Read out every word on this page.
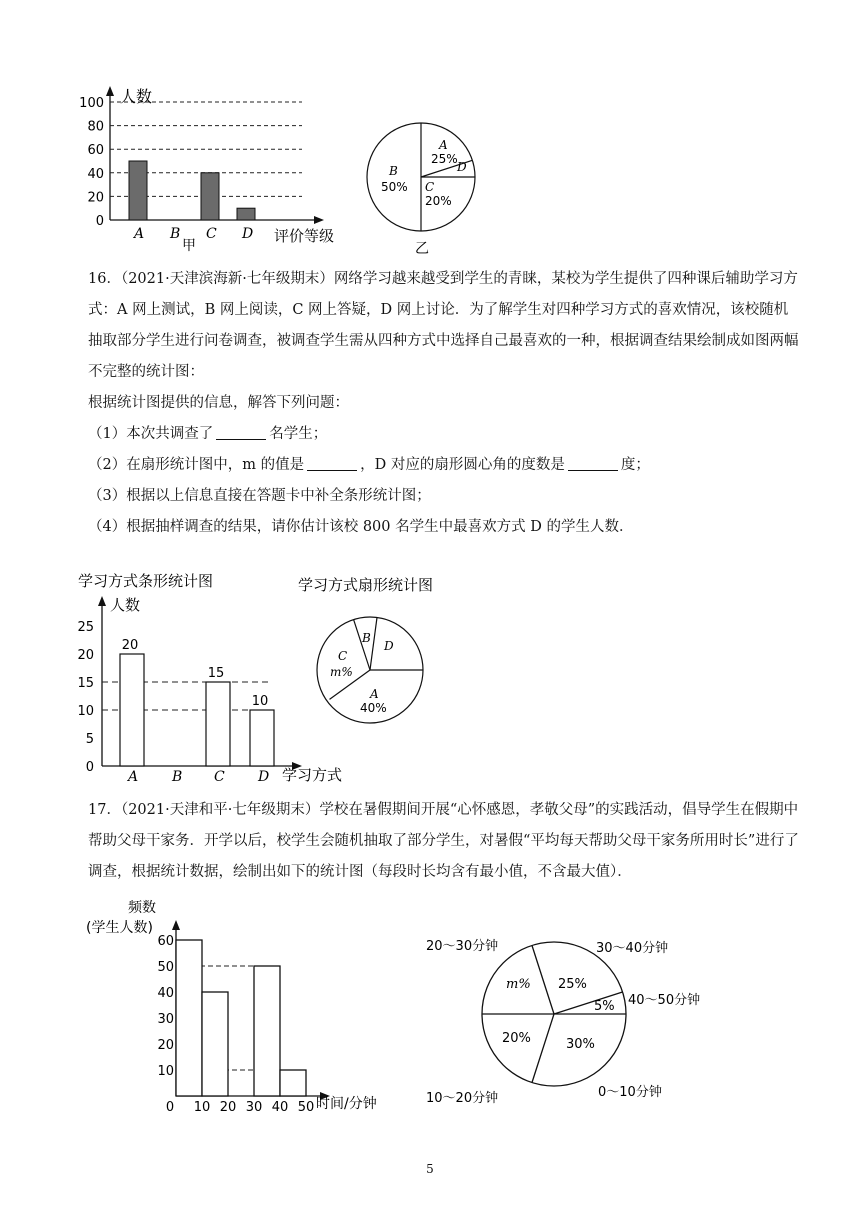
0
20
40
60
80
100
A B C D
人数
评价等级
甲
A
25%
B
50% C
20%
D
乙

16．（2021·天津滨海新·七年级期末）网络学习越来越受到学生的青睐，某校为学生提供了四种课后辅助学习方式：A 网上测试，B 网上阅读，C 网上答疑，D 网上讨论．为了解学生对四种学习方式的喜欢情况，该校随机抽取部分学生进行问卷调查，被调查学生需从四种方式中选择自己最喜欢的一种，根据调查结果绘制成如图两幅不完整的统计图：

根据统计图提供的信息，解答下列问题：

（1）本次共调查了	名学生；

（2）在扇形统计图中，m 的值是	，D 对应的扇形圆心角的度数是	度；

（3）根据以上信息直接在答题卡中补全条形统计图；

（4）根据抽样调查的结果，请你估计该校 800 名学生中最喜欢方式 D 的学生人数．

学习方式条形统计图	学习方式扇形统计图
人数
学习方式
0
5
10
15
20
25
20
A B
15
C
10
D
A
40%
B
C
m%
D

17．（2021·天津和平·七年级期末）学校在暑假期间开展“心怀感恩，孝敬父母”的实践活动，倡导学生在假期中帮助父母干家务．开学以后，校学生会随机抽取了部分学生，对暑假“平均每天帮助父母干家务所用时长”进行了调查，根据统计数据，绘制出如下的统计图（每段时长均含有最小值，不含最大值）．

频数
(学生人数)
时间/分钟
10
20
30
40
50
60
0 10 20 30 40 50
m% 25%
5%
20%	30%
20～30分钟	30～40分钟
40～50分钟
10～20分钟	0～10分钟
5
